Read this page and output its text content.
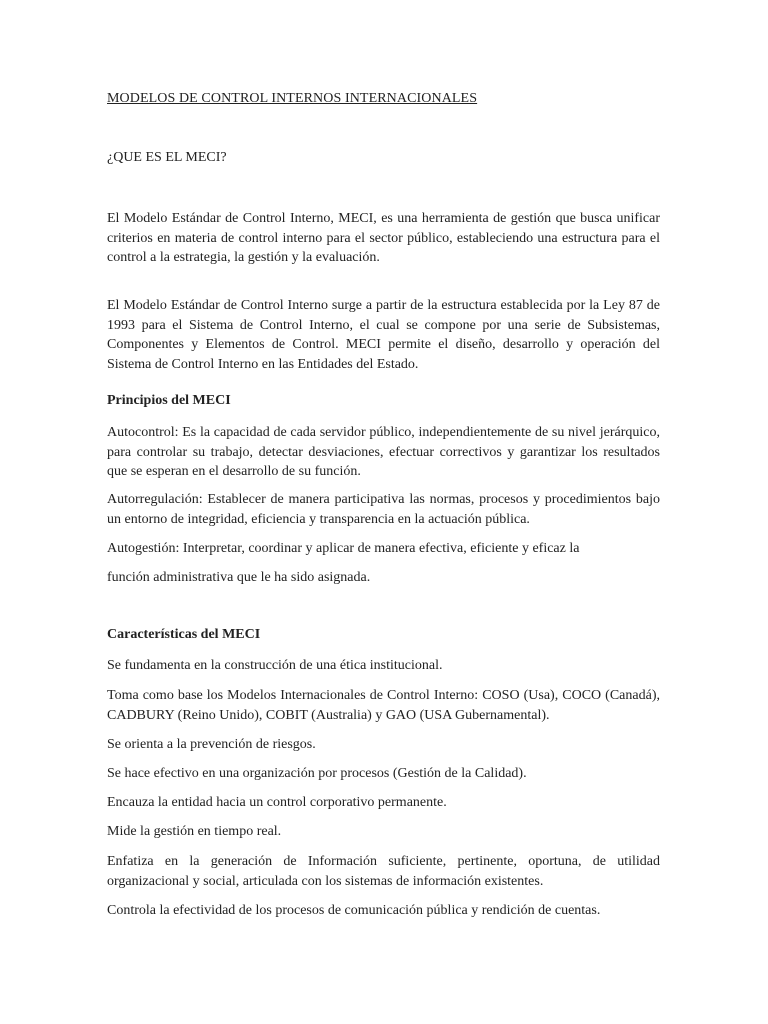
MODELOS DE CONTROL INTERNOS INTERNACIONALES
¿QUE ES EL MECI?

El Modelo Estándar de Control Interno, MECI, es una herramienta de gestión que busca unificar criterios en materia de control interno para el sector público, estableciendo una estructura para el control a la estrategia, la gestión y la evaluación.

El Modelo Estándar de Control Interno surge a partir de la estructura establecida por la Ley 87 de 1993 para el Sistema de Control Interno, el cual se compone por una serie de Subsistemas, Componentes y Elementos de Control. MECI permite el diseño, desarrollo y operación del Sistema de Control Interno en las Entidades del Estado.

Principios del MECI

Autocontrol: Es la capacidad de cada servidor público, independientemente de su nivel jerárquico, para controlar su trabajo, detectar desviaciones, efectuar correctivos y garantizar los resultados que se esperan en el desarrollo de su función.

Autorregulación: Establecer de manera participativa las normas, procesos y procedimientos bajo un entorno de integridad, eficiencia y transparencia en la actuación pública.

Autogestión: Interpretar, coordinar y aplicar de manera efectiva, eficiente y eficaz la

función administrativa que le ha sido asignada.

Características del MECI

Se fundamenta en la construcción de una ética institucional.

Toma como base los Modelos Internacionales de Control Interno: COSO (Usa), COCO (Canadá), CADBURY (Reino Unido), COBIT (Australia) y GAO (USA Gubernamental).

Se orienta a la prevención de riesgos.

Se hace efectivo en una organización por procesos (Gestión de la Calidad).

Encauza la entidad hacia un control corporativo permanente.

Mide la gestión en tiempo real.

Enfatiza en la generación de Información suficiente, pertinente, oportuna, de utilidad organizacional y social, articulada con los sistemas de información existentes.

Controla la efectividad de los procesos de comunicación pública y rendición de cuentas.
